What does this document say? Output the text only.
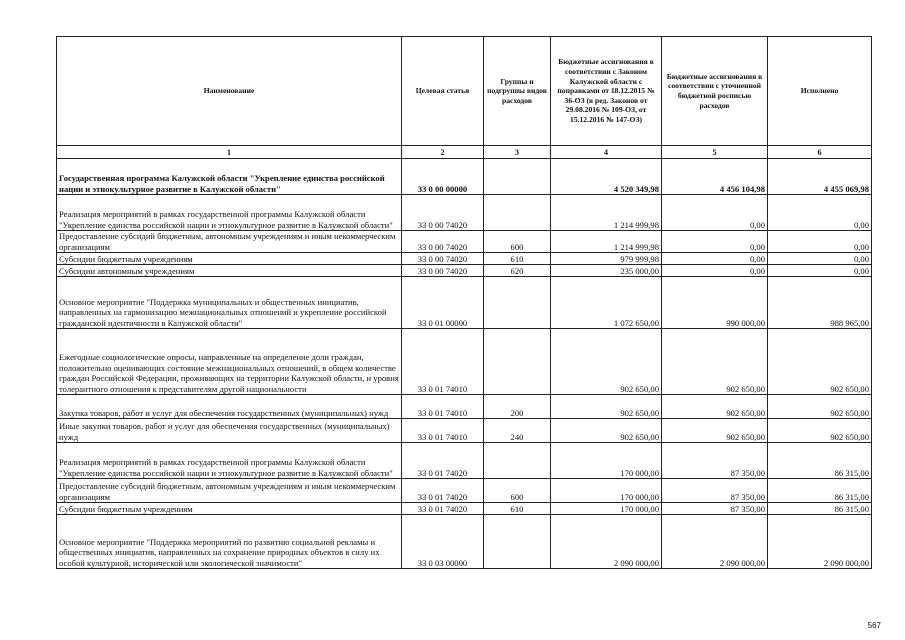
Наименование	Целевая статья	Группы и подгруппы видов расходов	Бюджетные ассигнования в соответствии с Законом Калужской области с поправками от 18.12.2015 № 36-ОЗ (в ред. Законов от 29.08.2016 № 109-ОЗ, от 15.12.2016 № 147-ОЗ)	Бюджетные ассигнования в соответствии с уточненной бюджетной росписью расходов	Исполнено
1	2	3	4	5	6
Государственная программа Калужской области "Укрепление единства российской нации и этнокультурное развитие в Калужской области"	33 0 00 00000		4 520 349,98	4 456 104,98	4 455 069,98
Реализация мероприятий в рамках государственной программы Калужской области "Укрепление единства российской нации и этнокультурное развитие в Калужской области"	33 0 00 74020		1 214 999,98	0,00	0,00
Предоставление субсидий бюджетным, автономным учреждениям и иным некоммерческим организациям	33 0 00 74020	600	1 214 999,98	0,00	0,00
Субсидии бюджетным учреждениям	33 0 00 74020	610	979 999,98	0,00	0,00
Субсидии автономным учреждениям	33 0 00 74020	620	235 000,00	0,00	0,00
Основное мероприятие "Поддержка муниципальных и общественных инициатив, направленных на гармонизацию межнациональных отношений и укрепление российской гражданской идентичности в Калужской области"	33 0 01 00000		1 072 650,00	990 000,00	988 965,00
Ежегодные социологические опросы, направленные на определение доли граждан, положительно оценивающих состояние межнациональных отношений, в общем количестве граждан Российской Федерации, проживающих на территории Калужской области, и уровня толерантного отношения к представителям другой национальности	33 0 01 74010		902 650,00	902 650,00	902 650,00
Закупка товаров, работ и услуг для обеспечения государственных (муниципальных) нужд	33 0 01 74010	200	902 650,00	902 650,00	902 650,00
Иные закупки товаров, работ и услуг для обеспечения государственных (муниципальных) нужд	33 0 01 74010	240	902 650,00	902 650,00	902 650,00
Реализация мероприятий в рамках государственной программы Калужской области "Укрепление единства российской нации и этнокультурное развитие в Калужской области"	33 0 01 74020		170 000,00	87 350,00	86 315,00
Предоставление субсидий бюджетным, автономным учреждениям и иным некоммерческим организациям	33 0 01 74020	600	170 000,00	87 350,00	86 315,00
Субсидии бюджетным учреждениям	33 0 01 74020	610	170 000,00	87 350,00	86 315,00
Основное мероприятие "Поддержка мероприятий по развитию социальной рекламы и общественных инициатив, направленных на сохранение природных объектов в силу их особой культурной, исторической или экологической значимости"	33 0 03 00000		2 090 000,00	2 090 000,00	2 090 000,00
567
